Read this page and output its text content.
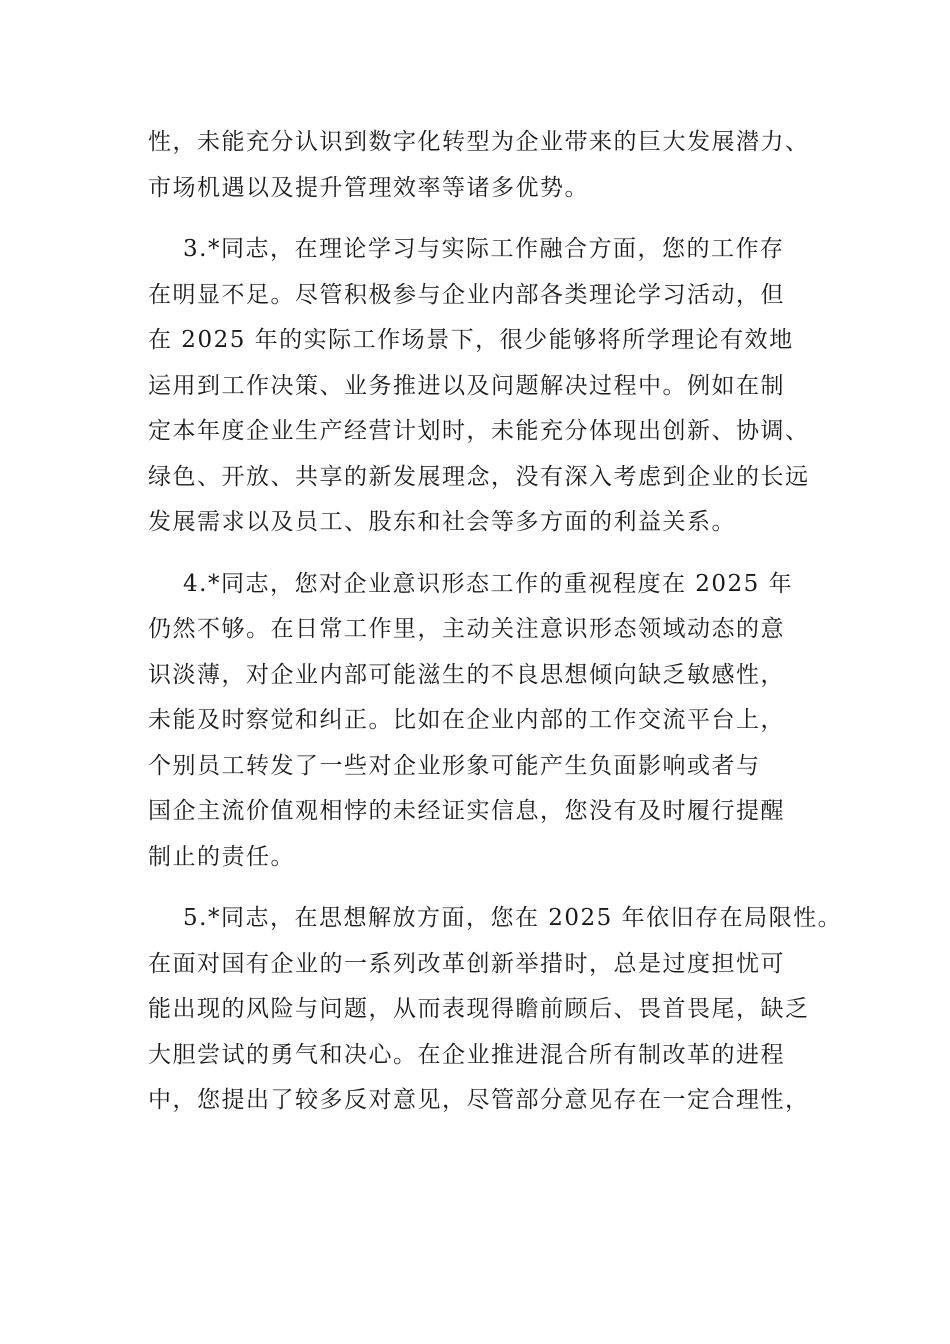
性，未能充分认识到数字化转型为企业带来的巨大发展潜力、
市场机遇以及提升管理效率等诸多优势。
3.*同志，在理论学习与实际工作融合方面，您的工作存
在明显不足。尽管积极参与企业内部各类理论学习活动，但
在 2025 年的实际工作场景下，很少能够将所学理论有效地
运用到工作决策、业务推进以及问题解决过程中。例如在制
定本年度企业生产经营计划时，未能充分体现出创新、协调、
绿色、开放、共享的新发展理念，没有深入考虑到企业的长远
发展需求以及员工、股东和社会等多方面的利益关系。
4.*同志，您对企业意识形态工作的重视程度在 2025 年
仍然不够。在日常工作里，主动关注意识形态领域动态的意
识淡薄，对企业内部可能滋生的不良思想倾向缺乏敏感性，
未能及时察觉和纠正。比如在企业内部的工作交流平台上，
个别员工转发了一些对企业形象可能产生负面影响或者与
国企主流价值观相悖的未经证实信息，您没有及时履行提醒
制止的责任。
5.*同志，在思想解放方面，您在 2025 年依旧存在局限性。
在面对国有企业的一系列改革创新举措时，总是过度担忧可
能出现的风险与问题，从而表现得瞻前顾后、畏首畏尾，缺乏
大胆尝试的勇气和决心。在企业推进混合所有制改革的进程
中，您提出了较多反对意见，尽管部分意见存在一定合理性，
